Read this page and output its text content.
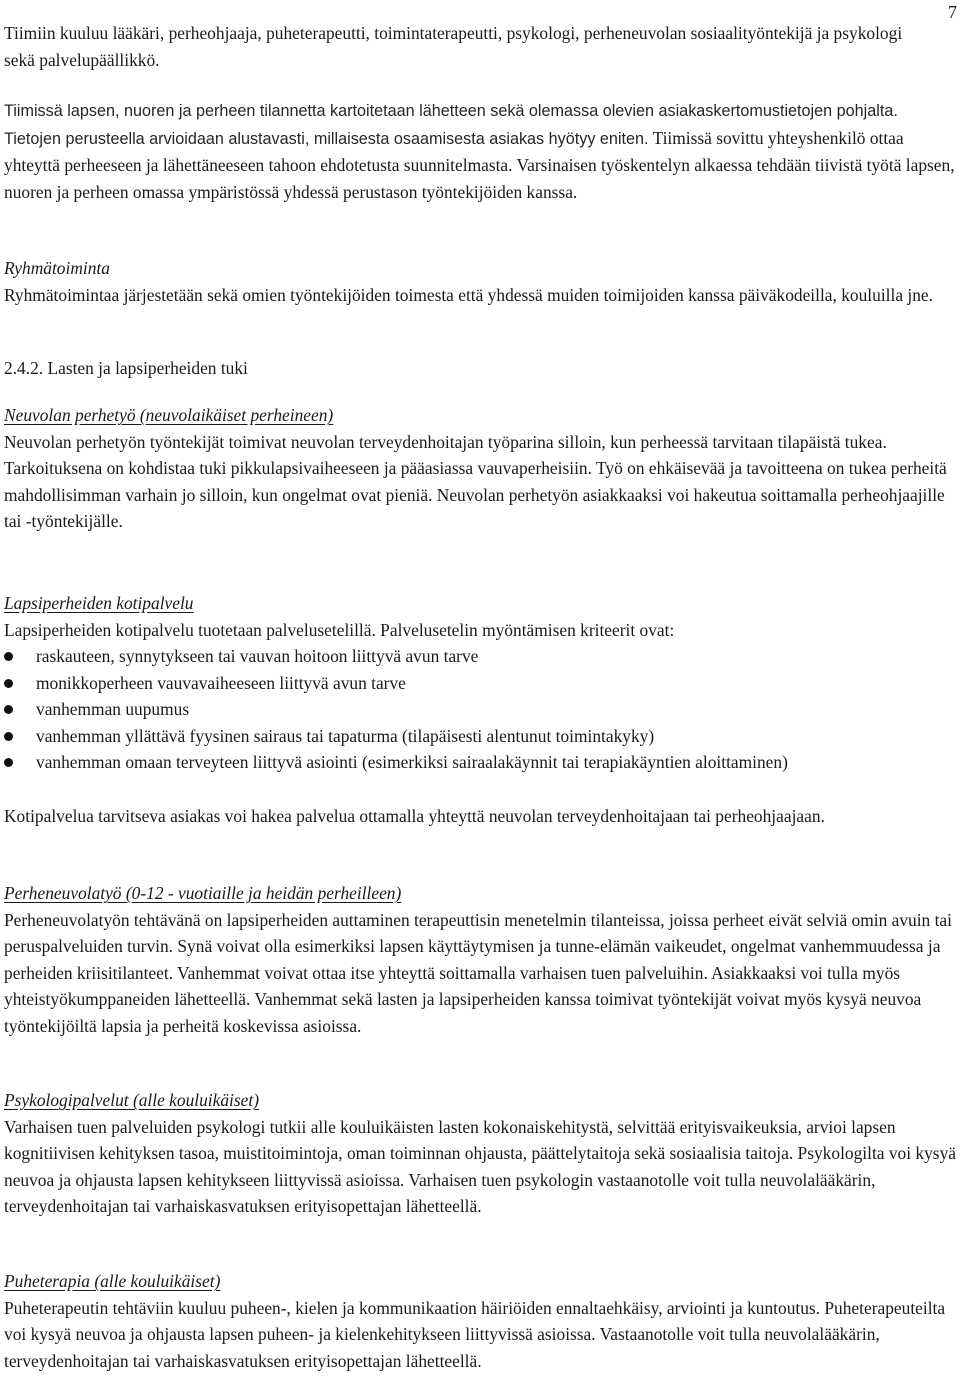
7

Tiimiin kuuluu lääkäri, perheohjaaja, puheterapeutti, toimintaterapeutti, psykologi, perheneuvolan sosiaalityöntekijä ja psykologi sekä palvelupäällikkö.

Tiimissä lapsen, nuoren ja perheen tilannetta kartoitetaan lähetteen sekä olemassa olevien asiakaskertomustietojen pohjalta. Tietojen perusteella arvioidaan alustavasti, millaisesta osaamisesta asiakas hyötyy eniten. Tiimissä sovittu yhteyshenkilö ottaa yhteyttä perheeseen ja lähettäneeseen tahoon ehdotetusta suunnitelmasta. Varsinaisen työskentelyn alkaessa tehdään tiivistä työtä lapsen, nuoren ja perheen omassa ympäristössä yhdessä perustason työntekijöiden kanssa.

Ryhmätoiminta
Ryhmätoimintaa järjestetään sekä omien työntekijöiden toimesta että yhdessä muiden toimijoiden kanssa päiväkodeilla, kouluilla jne.
2.4.2. Lasten ja lapsiperheiden tuki
Neuvolan perhetyö (neuvolaikäiset perheineen)
Neuvolan perhetyön työntekijät toimivat neuvolan terveydenhoitajan työparina silloin, kun perheessä tarvitaan tilapäistä tukea. Tarkoituksena on kohdistaa tuki pikkulapsivaiheeseen ja pääasiassa vauvaperheisiin. Työ on ehkäisevää ja tavoitteena on tukea perheitä mahdollisimman varhain jo silloin, kun ongelmat ovat pieniä. Neuvolan perhetyön asiakkaaksi voi hakeutua soittamalla perheohjaajille tai -työntekijälle.
Lapsiperheiden kotipalvelu
Lapsiperheiden kotipalvelu tuotetaan palvelusetelillä. Palvelusetelin myöntämisen kriteerit ovat:
raskauteen, synnytykseen tai vauvan hoitoon liittyvä avun tarve
monikkoperheen vauvavaiheeseen liittyvä avun tarve
vanhemman uupumus
vanhemman yllättävä fyysinen sairaus tai tapaturma (tilapäisesti alentunut toimintakyky)
vanhemman omaan terveyteen liittyvä asiointi (esimerkiksi sairaalakäynnit tai terapiakäyntien aloittaminen)

Kotipalvelua tarvitseva asiakas voi hakea palvelua ottamalla yhteyttä neuvolan terveydenhoitajaan tai perheohjaajaan.

Perheneuvolatyö (0-12 - vuotiaille ja heidän perheilleen)
Perheneuvolatyön tehtävänä on lapsiperheiden auttaminen terapeuttisin menetelmin tilanteissa, joissa perheet eivät selviä omin avuin tai peruspalveluiden turvin. Synä voivat olla esimerkiksi lapsen käyttäytymisen ja tunne-elämän vaikeudet, ongelmat vanhemmuudessa ja perheiden kriisitilanteet. Vanhemmat voivat ottaa itse yhteyttä soittamalla varhaisen tuen palveluihin. Asiakkaaksi voi tulla myös yhteistyökumppaneiden lähetteellä. Vanhemmat sekä lasten ja lapsiperheiden kanssa toimivat työntekijät voivat myös kysyä neuvoa työntekijöiltä lapsia ja perheitä koskevissa asioissa.
Psykologipalvelut (alle kouluikäiset)
Varhaisen tuen palveluiden psykologi tutkii alle kouluikäisten lasten kokonaiskehitystä, selvittää erityisvaikeuksia, arvioi lapsen kognitiivisen kehityksen tasoa, muistitoimintoja, oman toiminnan ohjausta, päättelytaitoja sekä sosiaalisia taitoja. Psykologilta voi kysyä neuvoa ja ohjausta lapsen kehitykseen liittyvissä asioissa. Varhaisen tuen psykologin vastaanotolle voit tulla neuvolalääkärin, terveydenhoitajan tai varhaiskasvatuksen erityisopettajan lähetteellä.
Puheterapia (alle kouluikäiset)
Puheterapeutin tehtäviin kuuluu puheen-, kielen ja kommunikaation häiriöiden ennaltaehkäisy, arviointi ja kuntoutus. Puheterapeuteilta voi kysyä neuvoa ja ohjausta lapsen puheen- ja kielenkehitykseen liittyvissä asioissa. Vastaanotolle voit tulla neuvolalääkärin, terveydenhoitajan tai varhaiskasvatuksen erityisopettajan lähetteellä.
